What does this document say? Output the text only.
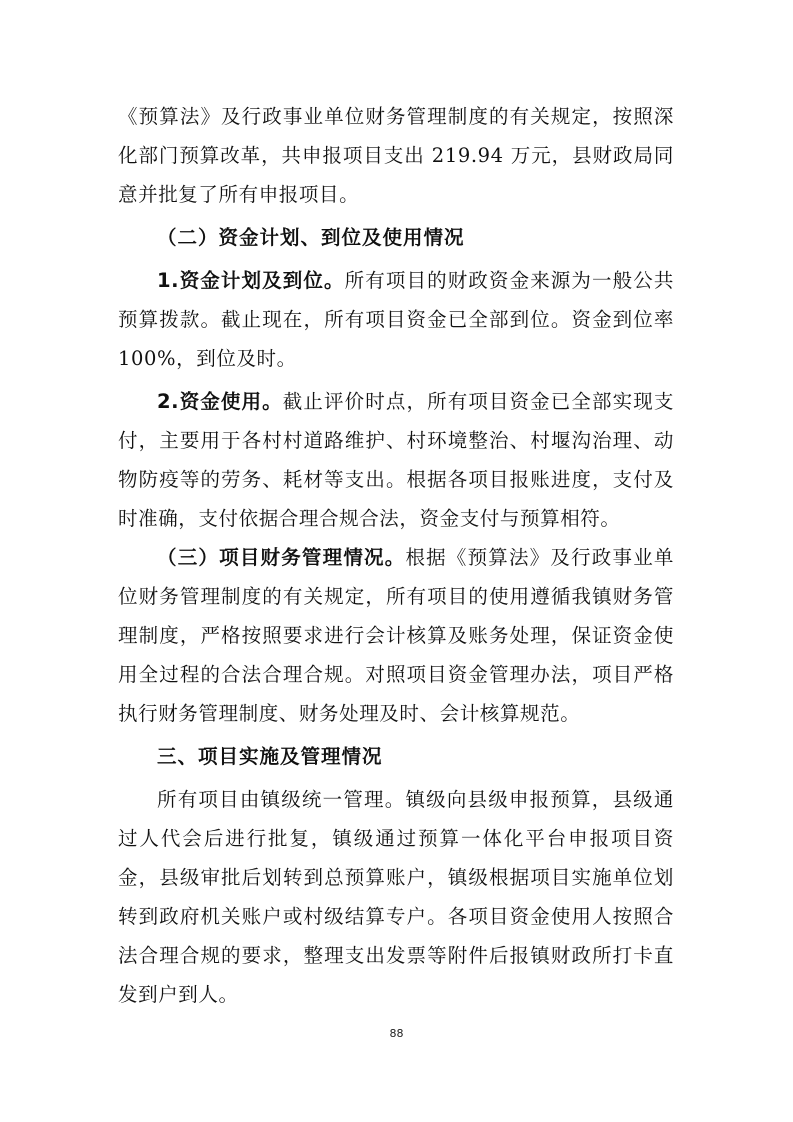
《预算法》及行政事业单位财务管理制度的有关规定，按照深化部门预算改革，共申报项目支出 219.94 万元，县财政局同意并批复了所有申报项目。

（二）资金计划、到位及使用情况

1.资金计划及到位。所有项目的财政资金来源为一般公共预算拨款。截止现在，所有项目资金已全部到位。资金到位率 100%，到位及时。

2.资金使用。截止评价时点，所有项目资金已全部实现支付，主要用于各村村道路维护、村环境整治、村堰沟治理、动物防疫等的劳务、耗材等支出。根据各项目报账进度，支付及时准确，支付依据合理合规合法，资金支付与预算相符。

（三）项目财务管理情况。根据《预算法》及行政事业单位财务管理制度的有关规定，所有项目的使用遵循我镇财务管理制度，严格按照要求进行会计核算及账务处理，保证资金使用全过程的合法合理合规。对照项目资金管理办法，项目严格执行财务管理制度、财务处理及时、会计核算规范。

三、项目实施及管理情况

所有项目由镇级统一管理。镇级向县级申报预算，县级通过人代会后进行批复，镇级通过预算一体化平台申报项目资金，县级审批后划转到总预算账户，镇级根据项目实施单位划转到政府机关账户或村级结算专户。各项目资金使用人按照合法合理合规的要求，整理支出发票等附件后报镇财政所打卡直发到户到人。

88
